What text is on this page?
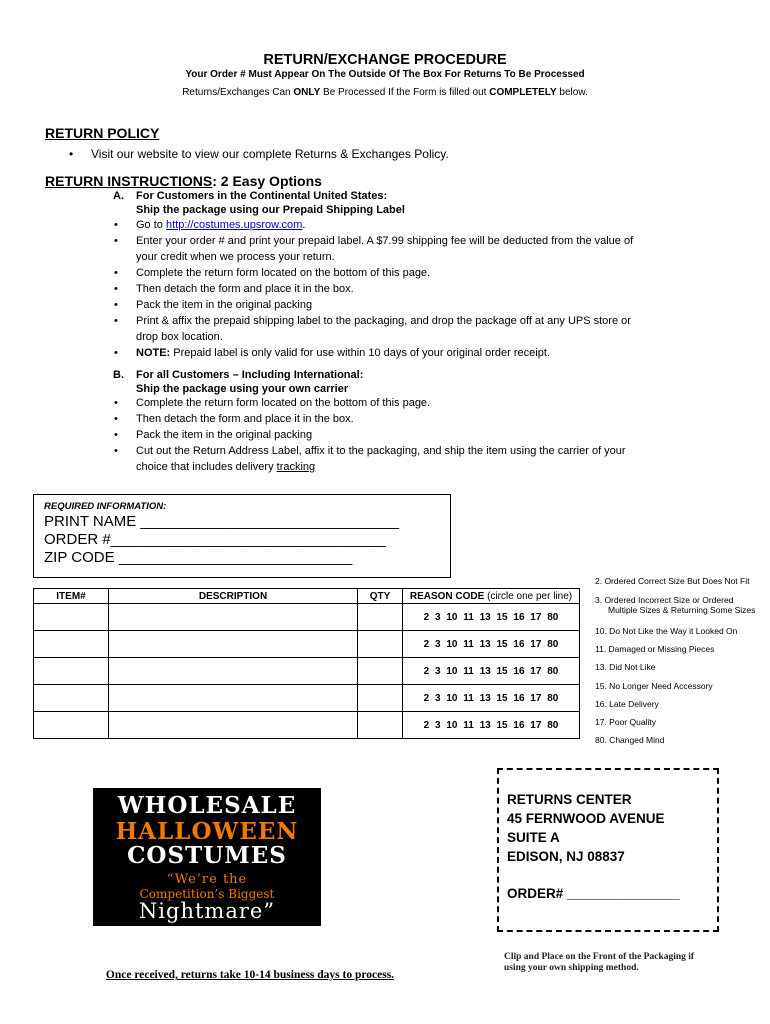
RETURN/EXCHANGE PROCEDURE
Your Order # Must Appear On The Outside Of The Box For Returns To Be Processed
Returns/Exchanges Can ONLY Be Processed If the Form is filled out COMPLETELY below.
RETURN POLICY
• Visit our website to view our complete Returns & Exchanges Policy.
RETURN INSTRUCTIONS: 2 Easy Options
A. For Customers in the Continental United States:
Ship the package using our Prepaid Shipping Label
• Go to http://costumes.upsrow.com.
• Enter your order # and print your prepaid label. A $7.99 shipping fee will be deducted from the value of
your credit when we process your return.
• Complete the return form located on the bottom of this page.
• Then detach the form and place it in the box.
• Pack the item in the original packing
• Print & affix the prepaid shipping label to the packaging, and drop the package off at any UPS store or
drop box location.
• NOTE: Prepaid label is only valid for use within 10 days of your original order receipt.
B. For all Customers – Including International:
Ship the package using your own carrier
• Complete the return form located on the bottom of this page.
• Then detach the form and place it in the box.
• Pack the item in the original packing
• Cut out the Return Address Label, affix it to the packaging, and ship the item using the carrier of your
choice that includes delivery tracking
REQUIRED INFORMATION:
PRINT NAME _______________________________
ORDER #_________________________________
ZIP CODE ____________________________
ITEM#	DESCRIPTION	QTY	REASON CODE (circle one per line)
			2 3 10 11 13 15 16 17 80
			2 3 10 11 13 15 16 17 80
			2 3 10 11 13 15 16 17 80
			2 3 10 11 13 15 16 17 80
			2 3 10 11 13 15 16 17 80
2. Ordered Correct Size But Does Not Fit
3. Ordered Incorrect Size or Ordered
Multiple Sizes & Returning Some Sizes
10. Do Not Like the Way it Looked On
11. Damaged or Missing Pieces
13. Did Not Like
15. No Longer Need Accessory
16. Late Delivery
17. Poor Quality
80. Changed Mind
WHOLESALE
HALLOWEEN
COSTUMES
“We’re the
Competition’s Biggest
Nightmare”
RETURNS CENTER
45 FERNWOOD AVENUE
SUITE A
EDISON, NJ 08837
ORDER# _______________
Clip and Place on the Front of the Packaging if
using your own shipping method.
Once received, returns take 10-14 business days to process.
